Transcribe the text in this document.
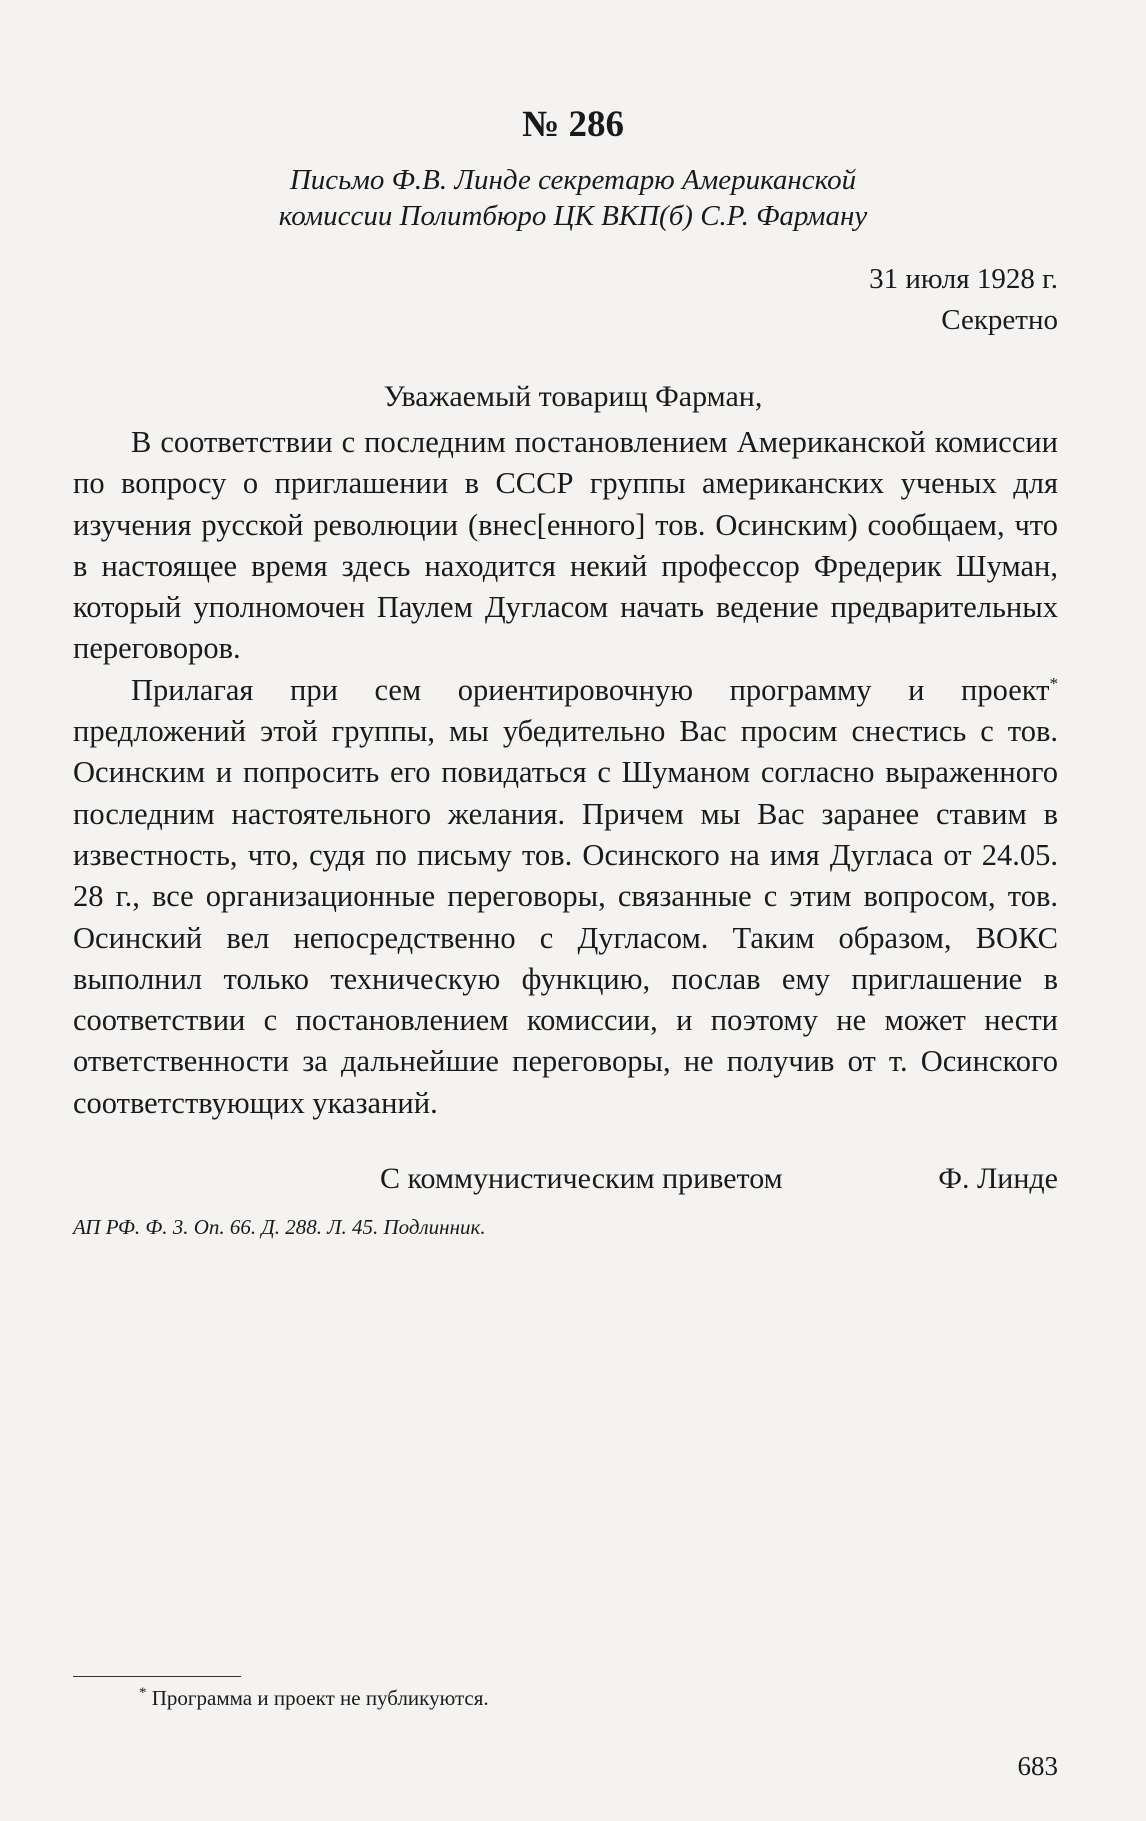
№ 286
Письмо Ф.В. Линде секретарю Американской
комиссии Политбюро ЦК ВКП(б) С.Р. Фарману
31 июля 1928 г.
Секретно
Уважаемый товарищ Фарман,

В соответствии с последним постановлением Американской комиссии по вопросу о приглашении в СССР группы американских ученых для изучения русской революции (внес[енного] тов. Осинским) сообщаем, что в настоящее время здесь находится некий профессор Фредерик Шуман, который уполномочен Паулем Дугласом начать ведение предварительных переговоров.

Прилагая при сем ориентировочную программу и проект* предложений этой группы, мы убедительно Вас просим снестись с тов. Осинским и попросить его повидаться с Шуманом согласно выраженного последним настоятельного желания. Причем мы Вас заранее ставим в известность, что, судя по письму тов. Осинского на имя Дугласа от 24.05. 28 г., все организационные переговоры, связанные с этим вопросом, тов. Осинский вел непосредственно с Дугласом. Таким образом, ВОКС выполнил только техническую функцию, послав ему приглашение в соответствии с постановлением комиссии, и поэтому не может нести ответственности за дальнейшие переговоры, не получив от т. Осинского соответствующих указаний.

С коммунистическим приветом	Ф. Линде
АП РФ. Ф. 3. Оп. 66. Д. 288. Л. 45. Подлинник.
* Программа и проект не публикуются.
683
